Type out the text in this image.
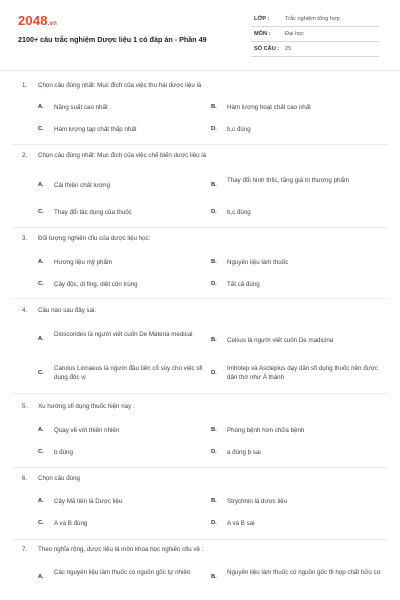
2048.vn
2100+ câu trắc nghiệm Dược liệu 1 có đáp án - Phần 49
LỚP :	Trắc nghiệm tổng hợp
MÔN :	Đại học
SỐ CÂU : 25
1. Chọn câu đúng nhất: Mục đích của việc thu hái dược liệu là
A. Năng suất cao nhất	B. Hàm lượng hoạt chất cao nhất
C. Hàm lượng tạp chất thấp nhất	D. b,c đúng
2. Chọn câu đúng nhất: Mục đích của việc chế biến dược liệu là
A. Cải thiện chất lượng	B.
Thay đổi hình thfic, tăng giá trị thương phẩm
C. Thay đổi tác dụng của thuốc	D. b,c đúng
3. Đối tượng nghiên cfiu của dược liệu học:
A. Hương liệu mỹ phẩm	B. Nguyên liệu làm thuốc
C. Cây độc, dị fing, diệt côn trùng	D. Tất cả đúng
4. Câu nào sau đây sai:
A.
Dioscorides là người viết cuốn De Materia medical
B. Celsus là người viết cuốn De madicina
C.
Carolus Linnaeus là người đầu tiên cổ súy cho việc sfi dụng độc vị
D.
Imhotep và Asclepius dạy dân sfi dụng thuốc nên được dân thờ như Á thánh
5. Xu hướng sfi dụng thuốc hiện nay :
A. Quay về với thiên nhiên	B. Phòng bệnh hơn chữa bệnh
C. b đúng	D. a đúng b sai
6. Chọn câu đúng
A. Cây Mã tiền là Dược liệu	B. Strychnin là dược liệu
C. A và B đúng	D. A và B sai
7. Theo nghĩa rộng, dược liệu là môn khoa học nghiên cfiu về :
A.
Các nguyên liệu làm thuốc có nguồn gốc tự nhiên
B.
Nguyên liệu làm thuốc có nguồn gốc tfi họp chất hữu cơ
